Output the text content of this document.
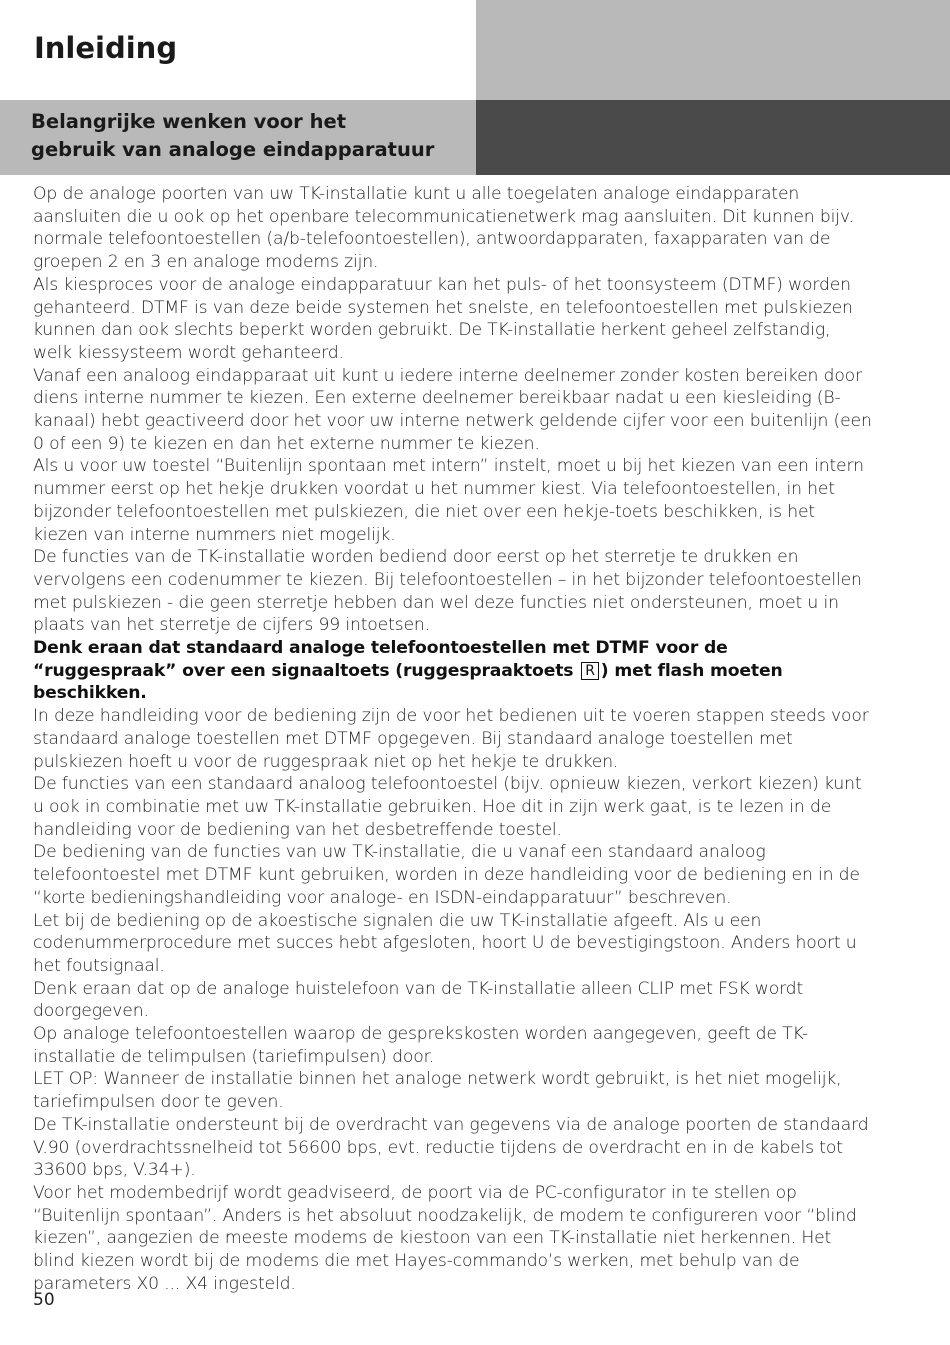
Inleiding
Belangrijke wenken voor het
gebruik van analoge eindapparatuur

Op de analoge poorten van uw TK-installatie kunt u alle toegelaten analoge eindapparaten aansluiten die u ook op het openbare telecommunicatienetwerk mag aansluiten. Dit kunnen bijv. normale telefoontoestellen (a/b-telefoontoestellen), antwoordapparaten, faxapparaten van de groepen 2 en 3 en analoge modems zijn.

Als kiesproces voor de analoge eindapparatuur kan het puls- of het toonsysteem (DTMF) worden gehanteerd. DTMF is van deze beide systemen het snelste, en telefoontoestellen met pulskiezen kunnen dan ook slechts beperkt worden gebruikt. De TK-installatie herkent geheel zelfstandig, welk kiessysteem wordt gehanteerd.

Vanaf een analoog eindapparaat uit kunt u iedere interne deelnemer zonder kosten bereiken door diens interne nummer te kiezen. Een externe deelnemer bereikbaar nadat u een kiesleiding (B-kanaal) hebt geactiveerd door het voor uw interne netwerk geldende cijfer voor een buitenlijn (een 0 of een 9) te kiezen en dan het externe nummer te kiezen.

Als u voor uw toestel “Buitenlijn spontaan met intern” instelt, moet u bij het kiezen van een intern nummer eerst op het hekje drukken voordat u het nummer kiest. Via telefoontoestellen, in het bijzonder telefoontoestellen met pulskiezen, die niet over een hekje-toets beschikken, is het kiezen van interne nummers niet mogelijk.

De functies van de TK-installatie worden bediend door eerst op het sterretje te drukken en vervolgens een codenummer te kiezen. Bij telefoontoestellen – in het bijzonder telefoontoestellen met pulskiezen - die geen sterretje hebben dan wel deze functies niet ondersteunen, moet u in plaats van het sterretje de cijfers 99 intoetsen.

Denk eraan dat standaard analoge telefoontoestellen met DTMF voor de “ruggespraak” over een signaaltoets (ruggespraaktoets R ) met flash moeten beschikken.

In deze handleiding voor de bediening zijn de voor het bedienen uit te voeren stappen steeds voor standaard analoge toestellen met DTMF opgegeven. Bij standaard analoge toestellen met pulskiezen hoeft u voor de ruggespraak niet op het hekje te drukken.

De functies van een standaard analoog telefoontoestel (bijv. opnieuw kiezen, verkort kiezen) kunt u ook in combinatie met uw TK-installatie gebruiken. Hoe dit in zijn werk gaat, is te lezen in de handleiding voor de bediening van het desbetreffende toestel.

De bediening van de functies van uw TK-installatie, die u vanaf een standaard analoog telefoontoestel met DTMF kunt gebruiken, worden in deze handleiding voor de bediening en in de “korte bedieningshandleiding voor analoge- en ISDN-eindapparatuur” beschreven.

Let bij de bediening op de akoestische signalen die uw TK-installatie afgeeft. Als u een codenummerprocedure met succes hebt afgesloten, hoort U de bevestigingstoon. Anders hoort u het foutsignaal.

Denk eraan dat op de analoge huistelefoon van de TK-installatie alleen CLIP met FSK wordt doorgegeven.

Op analoge telefoontoestellen waarop de gesprekskosten worden aangegeven, geeft de TK-installatie de telimpulsen (tariefimpulsen) door.

LET OP: Wanneer de installatie binnen het analoge netwerk wordt gebruikt, is het niet mogelijk, tariefimpulsen door te geven.

De TK-installatie ondersteunt bij de overdracht van gegevens via de analoge poorten de standaard V.90 (overdrachtssnelheid tot 56600 bps, evt. reductie tijdens de overdracht en in de kabels tot 33600 bps, V.34+).

Voor het modembedrijf wordt geadviseerd, de poort via de PC-configurator in te stellen op “Buitenlijn spontaan”. Anders is het absoluut noodzakelijk, de modem te configureren voor “blind kiezen”, aangezien de meeste modems de kiestoon van een TK-installatie niet herkennen. Het blind kiezen wordt bij de modems die met Hayes-commando’s werken, met behulp van de parameters X0 ... X4 ingesteld.

50
